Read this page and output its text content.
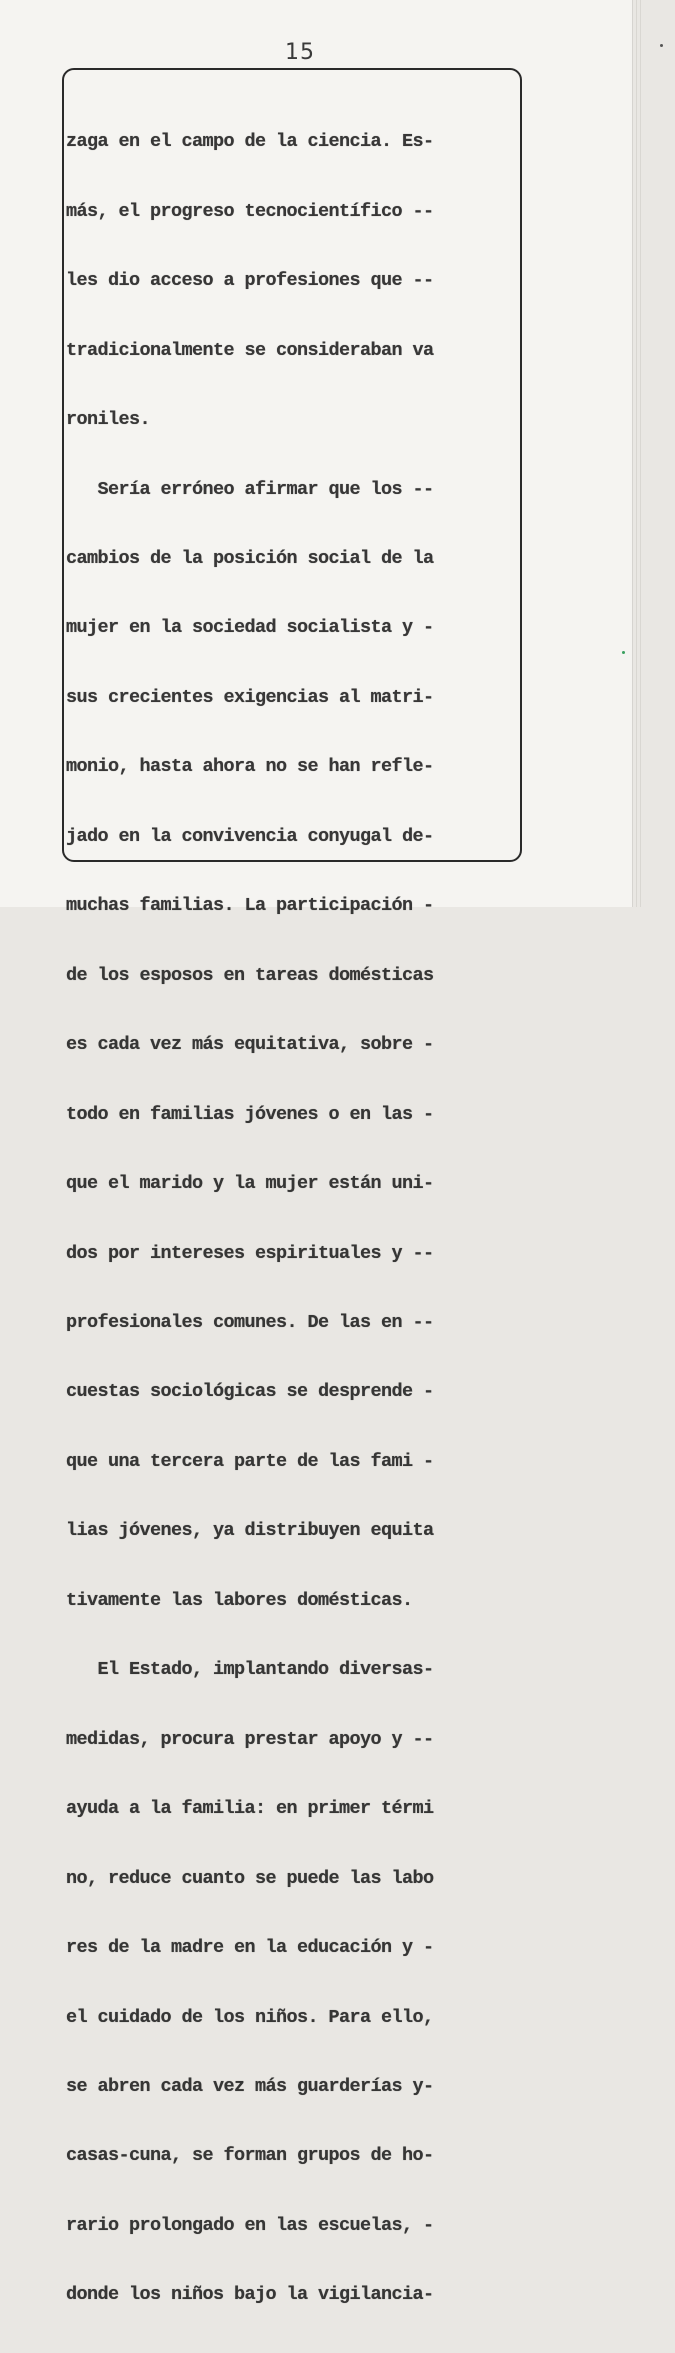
15

zaga en el campo de la ciencia. Es-

más, el progreso tecnocientífico --

les dio acceso a profesiones que --

tradicionalmente se consideraban va

roniles.

Sería erróneo afirmar que los --

cambios de la posición social de la

mujer en la sociedad socialista y -

sus crecientes exigencias al matri-

monio, hasta ahora no se han refle-

jado en la convivencia conyugal de-

muchas familias. La participación -

de los esposos en tareas domésticas

es cada vez más equitativa, sobre -

todo en familias jóvenes o en las -

que el marido y la mujer están uni-

dos por intereses espirituales y --

profesionales comunes. De las en --

cuestas sociológicas se desprende -

que una tercera parte de las fami -

lias jóvenes, ya distribuyen equita

tivamente las labores domésticas.

El Estado, implantando diversas-

medidas, procura prestar apoyo y --

ayuda a la familia: en primer térmi

no, reduce cuanto se puede las labo

res de la madre en la educación y -

el cuidado de los niños. Para ello,

se abren cada vez más guarderías y-

casas-cuna, se forman grupos de ho-

rario prolongado en las escuelas, -

donde los niños bajo la vigilancia-
